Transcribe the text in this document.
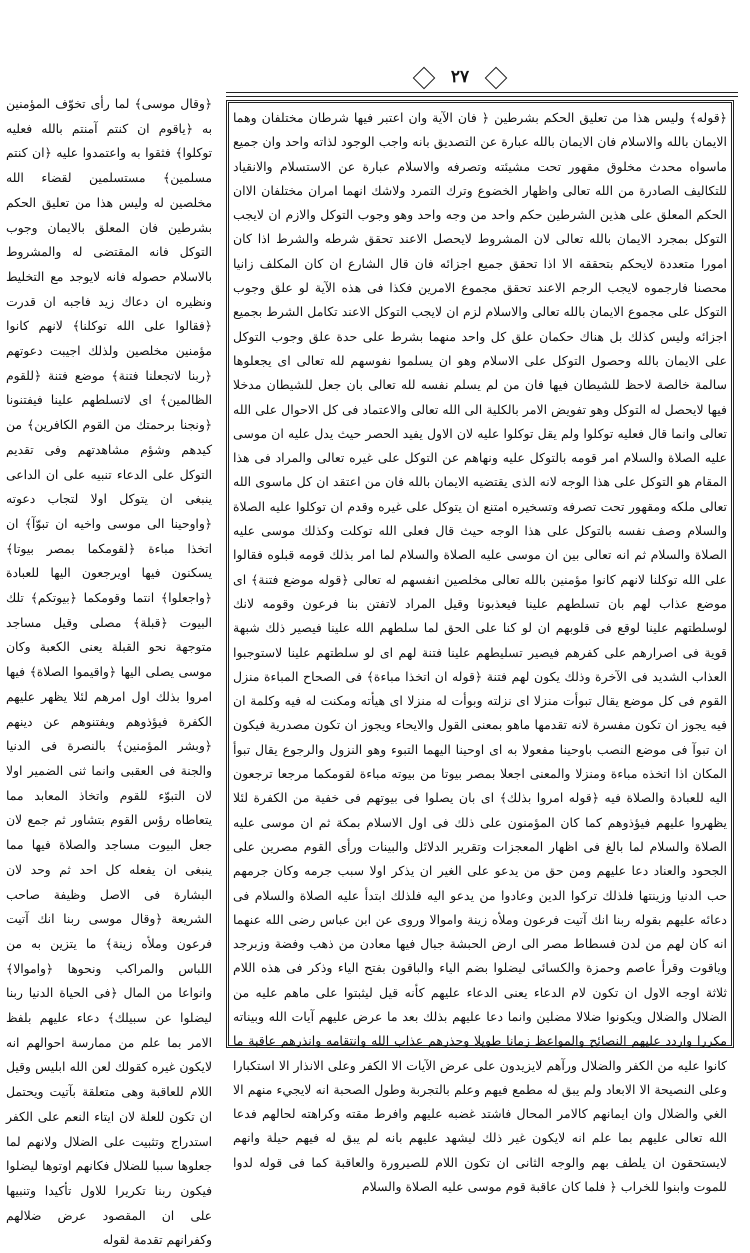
٢٧

﴿وقال موسى﴾ لما رأى تخوّف المؤمنين به ﴿ياقوم ان كنتم آمنتم بالله فعليه توكلوا﴾ فثقوا به واعتمدوا عليه ﴿ان كنتم مسلمين﴾ مستسلمين لقضاء الله مخلصين له وليس هذا من تعليق الحكم بشرطين فان المعلق بالايمان وجوب التوكل فانه المقتضى له والمشروط بالاسلام حصوله فانه لايوجد مع التخليط ونظيره ان دعاك زيد فاجبه ان قدرت ﴿فقالوا على الله توكلنا﴾ لانهم كانوا مؤمنين مخلصين ولذلك اجيبت دعوتهم ﴿ربنا لاتجعلنا فتنة﴾ موضع فتنة ﴿للقوم الظالمين﴾ اى لاتسلطهم علينا فيفتنونا ﴿ونجنا برحمتك من القوم الكافرين﴾ من كيدهم وشؤم مشاهدتهم وفى تقديم التوكل على الدعاء تنبيه على ان الداعى ينبغى ان يتوكل اولا لتجاب دعوته ﴿واوحينا الى موسى واخيه ان تبوّآ﴾ ان اتخذا مباءة ﴿لقومكما بمصر بيوتا﴾ يسكنون فيها اويرجعون اليها للعبادة ﴿واجعلوا﴾ انتما وقومكما ﴿بيوتكم﴾ تلك البيوت ﴿قبلة﴾ مصلى وقيل مساجد متوجهة نحو القبلة يعنى الكعبة وكان موسى يصلى اليها ﴿واقيموا الصلاة﴾ فيها امروا بذلك اول امرهم لئلا يظهر عليهم الكفرة فيؤذوهم ويفتنوهم عن دينهم ﴿وبشر المؤمنين﴾ بالنصرة فى الدنيا والجنة فى العقبى وانما ثنى الضمير اولا لان التبوّء للقوم واتخاذ المعابد مما يتعاطاه رؤس القوم بتشاور ثم جمع لان جعل البيوت مساجد والصلاة فيها مما ينبغى ان يفعله كل احد ثم وحد لان البشارة فى الاصل وظيفة صاحب الشريعة ﴿وقال موسى ربنا انك آتيت فرعون وملأه زينة﴾ ما يتزين به من اللباس والمراكب ونحوها ﴿واموالا﴾ وانواعا من المال ﴿فى الحياة الدنيا ربنا ليضلوا عن سبيلك﴾ دعاء عليهم بلفظ الامر بما علم من ممارسة احوالهم انه لايكون غيره كقولك لعن الله ابليس وقيل اللام للعاقبة وهى متعلقة بآتيت ويحتمل ان تكون للعلة لان ايتاء النعم على الكفر استدراج وتثبيت على الضلال ولانهم لما جعلوها سببا للضلال فكانهم اوتوها ليضلوا فيكون ربنا تكريرا للاول تأكيدا وتنبيها على ان المقصود عرض ضلالهم وكفرانهم تقدمة لقوله

﴿قوله﴾ وليس هذا من تعليق الحكم بشرطين ﴿ فان الآية وان اعتبر فيها شرطان مختلفان وهما الايمان بالله والاسلام فان الايمان بالله عبارة عن التصديق بانه واجب الوجود لذاته واحد وان جميع ماسواه محدث مخلوق مقهور تحت مشيئته وتصرفه والاسلام عبارة عن الاستسلام والانقياد للتكاليف الصادرة من الله تعالى واظهار الخضوع وترك التمرد ولاشك انهما امران مختلفان الاان الحكم المعلق على هذين الشرطين حكم واحد من وجه واحد وهو وجوب التوكل والازم ان لايجب التوكل بمجرد الايمان بالله تعالى لان المشروط لايحصل الاعند تحقق شرطه والشرط اذا كان امورا متعددة لايحكم بتحققه الا اذا تحقق جميع اجزائه فان قال الشارع ان كان المكلف زانيا محصنا فارجموه لايجب الرجم الاعند تحقق مجموع الامرين فكذا فى هذه الآية لو علق وجوب التوكل على مجموع الايمان بالله تعالى والاسلام لزم ان لايجب التوكل الاعند تكامل الشرط بجميع اجزائه وليس كذلك بل هناك حكمان علق كل واحد منهما بشرط على حدة علق وجوب التوكل على الايمان بالله وحصول التوكل على الاسلام وهو ان يسلموا نفوسهم لله تعالى اى يجعلوها سالمة خالصة لاحظ للشيطان فيها فان من لم يسلم نفسه لله تعالى بان جعل للشيطان مدخلا فيها لايحصل له التوكل وهو تفويض الامر بالكلية الى الله تعالى والاعتماد فى كل الاحوال على الله تعالى وانما قال فعليه توكلوا ولم يقل توكلوا عليه لان الاول يفيد الحصر حيث يدل عليه ان موسى عليه الصلاة والسلام امر قومه بالتوكل عليه ونهاهم عن التوكل على غيره تعالى والمراد فى هذا المقام هو التوكل على هذا الوجه لانه الذى يقتضيه الايمان بالله فان من اعتقد ان كل ماسوى الله تعالى ملكه ومقهور تحت تصرفه وتسخيره امتنع ان يتوكل على غيره وقدم ان توكلوا عليه الصلاة والسلام وصف نفسه بالتوكل على هذا الوجه حيث قال فعلى الله توكلت وكذلك موسى عليه الصلاة والسلام ثم انه تعالى بين ان موسى عليه الصلاة والسلام لما امر بذلك قومه قبلوه فقالوا على الله توكلنا لانهم كانوا مؤمنين بالله تعالى مخلصين انفسهم له تعالى ﴿قوله موضع فتنة﴾ اى موضع عذاب لهم بان تسلطهم علينا فيعذبونا وقيل المراد لاتفتن بنا فرعون وقومه لانك لوسلطتهم علينا لوقع فى قلوبهم ان لو كنا على الحق لما سلطهم الله علينا فيصير ذلك شبهة قوية فى اصرارهم على كفرهم فيصير تسليطهم علينا فتنة لهم اى لو سلطتهم علينا لاستوجبوا العذاب الشديد فى الآخرة وذلك يكون لهم فتنة ﴿قوله ان اتخذا مباءة﴾ فى الصحاح المباءة منزل القوم فى كل موضع يقال تبوأت منزلا اى نزلته وبوأت له منزلا اى هيأته ومكنت له فيه وكلمة ان فيه يجوز ان تكون مفسرة لانه تقدمها ماهو بمعنى القول والايحاء ويجوز ان تكون مصدرية فيكون ان تبوآ فى موضع النصب باوحينا مفعولا به اى اوحينا اليهما التبوء وهو النزول والرجوع يقال تبوأ المكان اذا اتخذه مباءة ومنزلا والمعنى اجعلا بمصر بيوتا من بيوته مباءة لقومكما مرجعا ترجعون اليه للعبادة والصلاة فيه ﴿قوله امروا بذلك﴾ اى بان يصلوا فى بيوتهم فى خفية من الكفرة لئلا يظهروا عليهم فيؤذوهم كما كان المؤمنون على ذلك فى اول الاسلام بمكة ثم ان موسى عليه الصلاة والسلام لما بالغ فى اظهار المعجزات وتقرير الدلائل والبينات ورأى القوم مصرين على الجحود والعناد دعا عليهم ومن حق من يدعو على الغير ان يذكر اولا سبب جرمه وكان جرمهم حب الدنيا وزينتها فلذلك تركوا الدين وعادوا من يدعو اليه فلذلك ابتدأ عليه الصلاة والسلام فى دعائه عليهم بقوله ربنا انك آتيت فرعون وملأه زينة واموالا وروى عن ابن عباس رضى الله عنهما انه كان لهم من لدن فسطاط مصر الى ارض الحبشة جبال فيها معادن من ذهب وفضة وزبرجد وياقوت وقرأ عاصم وحمزة والكسائى ليضلوا بضم الياء والباقون بفتح الياء وذكر فى هذه اللام ثلاثة اوجه الاول ان تكون لام الدعاء يعنى الدعاء عليهم كأنه قيل ليثبتوا على ماهم عليه من الضلال والضلال ويكونوا ضلالا مضلين وانما دعا عليهم بذلك بعد ما عرض عليهم آيات الله وبيناته مكررا واردد عليهم النصائح والمواعظ زمانا طويلا وحذرهم عذاب الله وانتقامه وانذرهم عاقبة ما كانوا عليه من الكفر والضلال ورآهم لايزيدون على عرض الآيات الا الكفر وعلى الانذار الا استكبارا وعلى النصيحة الا الابعاد ولم يبق له مطمع فيهم وعلم بالتجربة وطول الصحبة انه لايجيء منهم الا الغي والضلال وان ايمانهم كالامر المحال فاشتد غضبه عليهم وافرط مقته وكراهته لحالهم فدعا الله تعالى عليهم بما علم انه لايكون غير ذلك ليشهد عليهم بانه لم يبق له فيهم حيلة وانهم لايستحقون ان يلطف بهم والوجه الثانى ان تكون اللام للصيرورة والعاقبة كما فى قوله لدوا للموت وابنوا للخراب ﴿ فلما كان عاقبة قوم موسى عليه الصلاة والسلام
